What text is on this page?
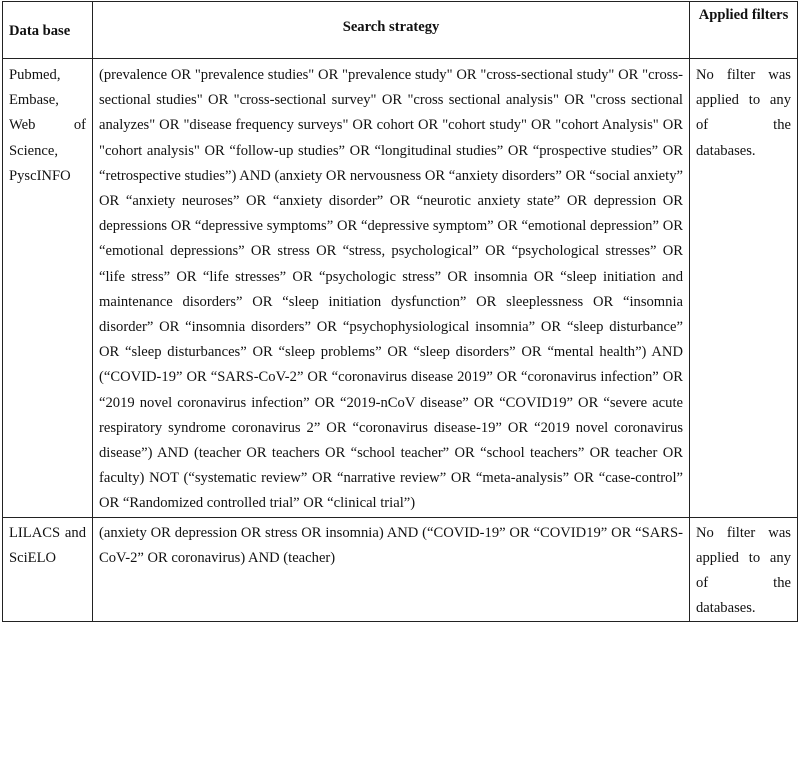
Data base	Search strategy	Applied filters
Pubmed, Embase, Web of Science, PyscINFO	(prevalence OR "prevalence studies" OR "prevalence study" OR "cross-sectional study" OR "cross-sectional studies" OR "cross-sectional survey" OR "cross sectional analysis" OR "cross sectional analyzes" OR "disease frequency surveys" OR cohort OR "cohort study" OR "cohort Analysis" OR "cohort analysis" OR “follow-up studies” OR “longitudinal studies” OR “prospective studies” OR “retrospective studies”) AND (anxiety OR nervousness OR “anxiety disorders” OR “social anxiety” OR “anxiety neuroses” OR “anxiety disorder” OR “neurotic anxiety state” OR depression OR depressions OR “depressive symptoms” OR “depressive symptom” OR “emotional depression” OR “emotional depressions” OR stress OR “stress, psychological” OR “psychological stresses” OR “life stress” OR “life stresses” OR “psychologic stress” OR insomnia OR “sleep initiation and maintenance disorders” OR “sleep initiation dysfunction” OR sleeplessness OR “insomnia disorder” OR “insomnia disorders” OR “psychophysiological insomnia” OR “sleep disturbance” OR “sleep disturbances” OR “sleep problems” OR “sleep disorders” OR “mental health”) AND (“COVID-19” OR “SARS-CoV-2” OR “coronavirus disease 2019” OR “coronavirus infection” OR “2019 novel coronavirus infection” OR “2019-nCoV disease” OR “COVID19” OR “severe acute respiratory syndrome coronavirus 2” OR “coronavirus disease-19” OR “2019 novel coronavirus disease”) AND (teacher OR teachers OR “school teacher” OR “school teachers” OR teacher OR faculty) NOT (“systematic review” OR “narrative review” OR “meta-analysis” OR “case-control” OR “Randomized controlled trial” OR “clinical trial”)	No filter was applied to any of the databases.
LILACS and SciELO	(anxiety OR depression OR stress OR insomnia) AND (“COVID-19” OR “COVID19” OR “SARS-CoV-2” OR coronavirus) AND (teacher)	No filter was applied to any of the databases.
